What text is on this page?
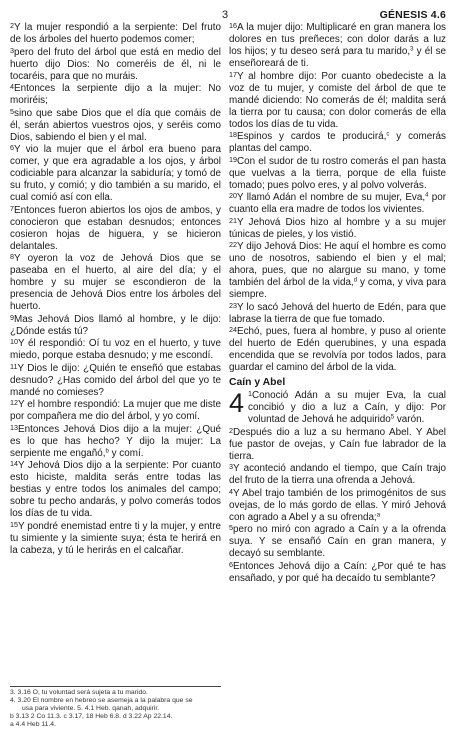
3	GÉNESIS 4.6

$^2$Y la mujer respondió a la serpiente: Del fruto de los árboles del huerto podemos comer;

$^3$pero del fruto del árbol que está en medio del huerto dijo Dios: No comeréis de él, ni le tocaréis, para que no muráis.

$^4$Entonces la serpiente dijo a la mujer: No moriréis;

$^5$sino que sabe Dios que el día que comáis de él, serán abiertos vuestros ojos, y seréis como Dios, sabiendo el bien y el mal.

$^6$Y vio la mujer que el árbol era bueno para comer, y que era agradable a los ojos, y árbol codiciable para alcanzar la sabiduría; y tomó de su fruto, y comió; y dio también a su marido, el cual comió así con ella.

$^7$Entonces fueron abiertos los ojos de ambos, y conocieron que estaban desnudos; entonces cosieron hojas de higuera, y se hicieron delantales.

$^8$Y oyeron la voz de Jehová Dios que se paseaba en el huerto, al aire del día; y el hombre y su mujer se escondieron de la presencia de Jehová Dios entre los árboles del huerto.

$^9$Mas Jehová Dios llamó al hombre, y le dijo: ¿Dónde estás tú?

$^{10}$Y él respondió: Oí tu voz en el huerto, y tuve miedo, porque estaba desnudo; y me escondí.

$^{11}$Y Dios le dijo: ¿Quién te enseñó que estabas desnudo? ¿Has comido del árbol del que yo te mandé no comieses?

$^{12}$Y el hombre respondió: La mujer que me diste por compañera me dio del árbol, y yo comí.

$^{13}$Entonces Jehová Dios dijo a la mujer: ¿Qué es lo que has hecho? Y dijo la mujer: La serpiente me engañó,$^b$ y comí.

$^{14}$Y Jehová Dios dijo a la serpiente: Por cuanto esto hiciste, maldita serás entre todas las bestias y entre todos los animales del campo; sobre tu pecho andarás, y polvo comerás todos los días de tu vida.

$^{15}$Y pondré enemistad entre ti y la mujer, y entre tu simiente y la simiente suya; ésta te herirá en la cabeza, y tú le herirás en el calcañar.

3. 3.16 O, tu voluntad será sujeta a tu marido.

4. 3.20 El nombre en hebreo se asemeja a la palabra que se

usa para viviente. 5. 4.1 Heb. qanah, adquirir.

b 3.13 2 Co 11.3. c 3.17, 18 Heb 6.8. d 3.22 Ap 22.14.

a 4.4 Heb 11.4.

$^{16}$A la mujer dijo: Multiplicaré en gran manera los dolores en tus preñeces; con dolor darás a luz los hijos; y tu deseo será para tu marido,$^3$ y él se enseñoreará de ti.

$^{17}$Y al hombre dijo: Por cuanto obedeciste a la voz de tu mujer, y comiste del árbol de que te mandé diciendo: No comerás de él; maldita será la tierra por tu causa; con dolor comerás de ella todos los días de tu vida.

$^{18}$Espinos y cardos te producirá,$^c$ y comerás plantas del campo.

$^{19}$Con el sudor de tu rostro comerás el pan hasta que vuelvas a la tierra, porque de ella fuiste tomado; pues polvo eres, y al polvo volverás.

$^{20}$Y llamó Adán el nombre de su mujer, Eva,$^4$ por cuanto ella era madre de todos los vivientes.

$^{21}$Y Jehová Dios hizo al hombre y a su mujer túnicas de pieles, y los vistió.

$^{22}$Y dijo Jehová Dios: He aquí el hombre es como uno de nosotros, sabiendo el bien y el mal; ahora, pues, que no alargue su mano, y tome también del árbol de la vida,$^d$ y coma, y viva para siempre.

$^{23}$Y lo sacó Jehová del huerto de Edén, para que labrase la tierra de que fue tomado.

$^{24}$Echó, pues, fuera al hombre, y puso al oriente del huerto de Edén querubines, y una espada encendida que se revolvía por todos lados, para guardar el camino del árbol de la vida.

Caín y Abel

4 $^1$Conoció Adán a su mujer Eva, la cual concibió y dio a luz a Caín, y dijo: Por voluntad de Jehová he adquirido$^5$ varón.

$^2$Después dio a luz a su hermano Abel. Y Abel fue pastor de ovejas, y Caín fue labrador de la tierra.

$^3$Y aconteció andando el tiempo, que Caín trajo del fruto de la tierra una ofrenda a Jehová.

$^4$Y Abel trajo también de los primogénitos de sus ovejas, de lo más gordo de ellas. Y miró Jehová con agrado a Abel y a su ofrenda;$^a$

$^5$pero no miró con agrado a Caín y a la ofrenda suya. Y se ensañó Caín en gran manera, y decayó su semblante.

$^6$Entonces Jehová dijo a Caín: ¿Por qué te has ensañado, y por qué ha decaído tu semblante?
